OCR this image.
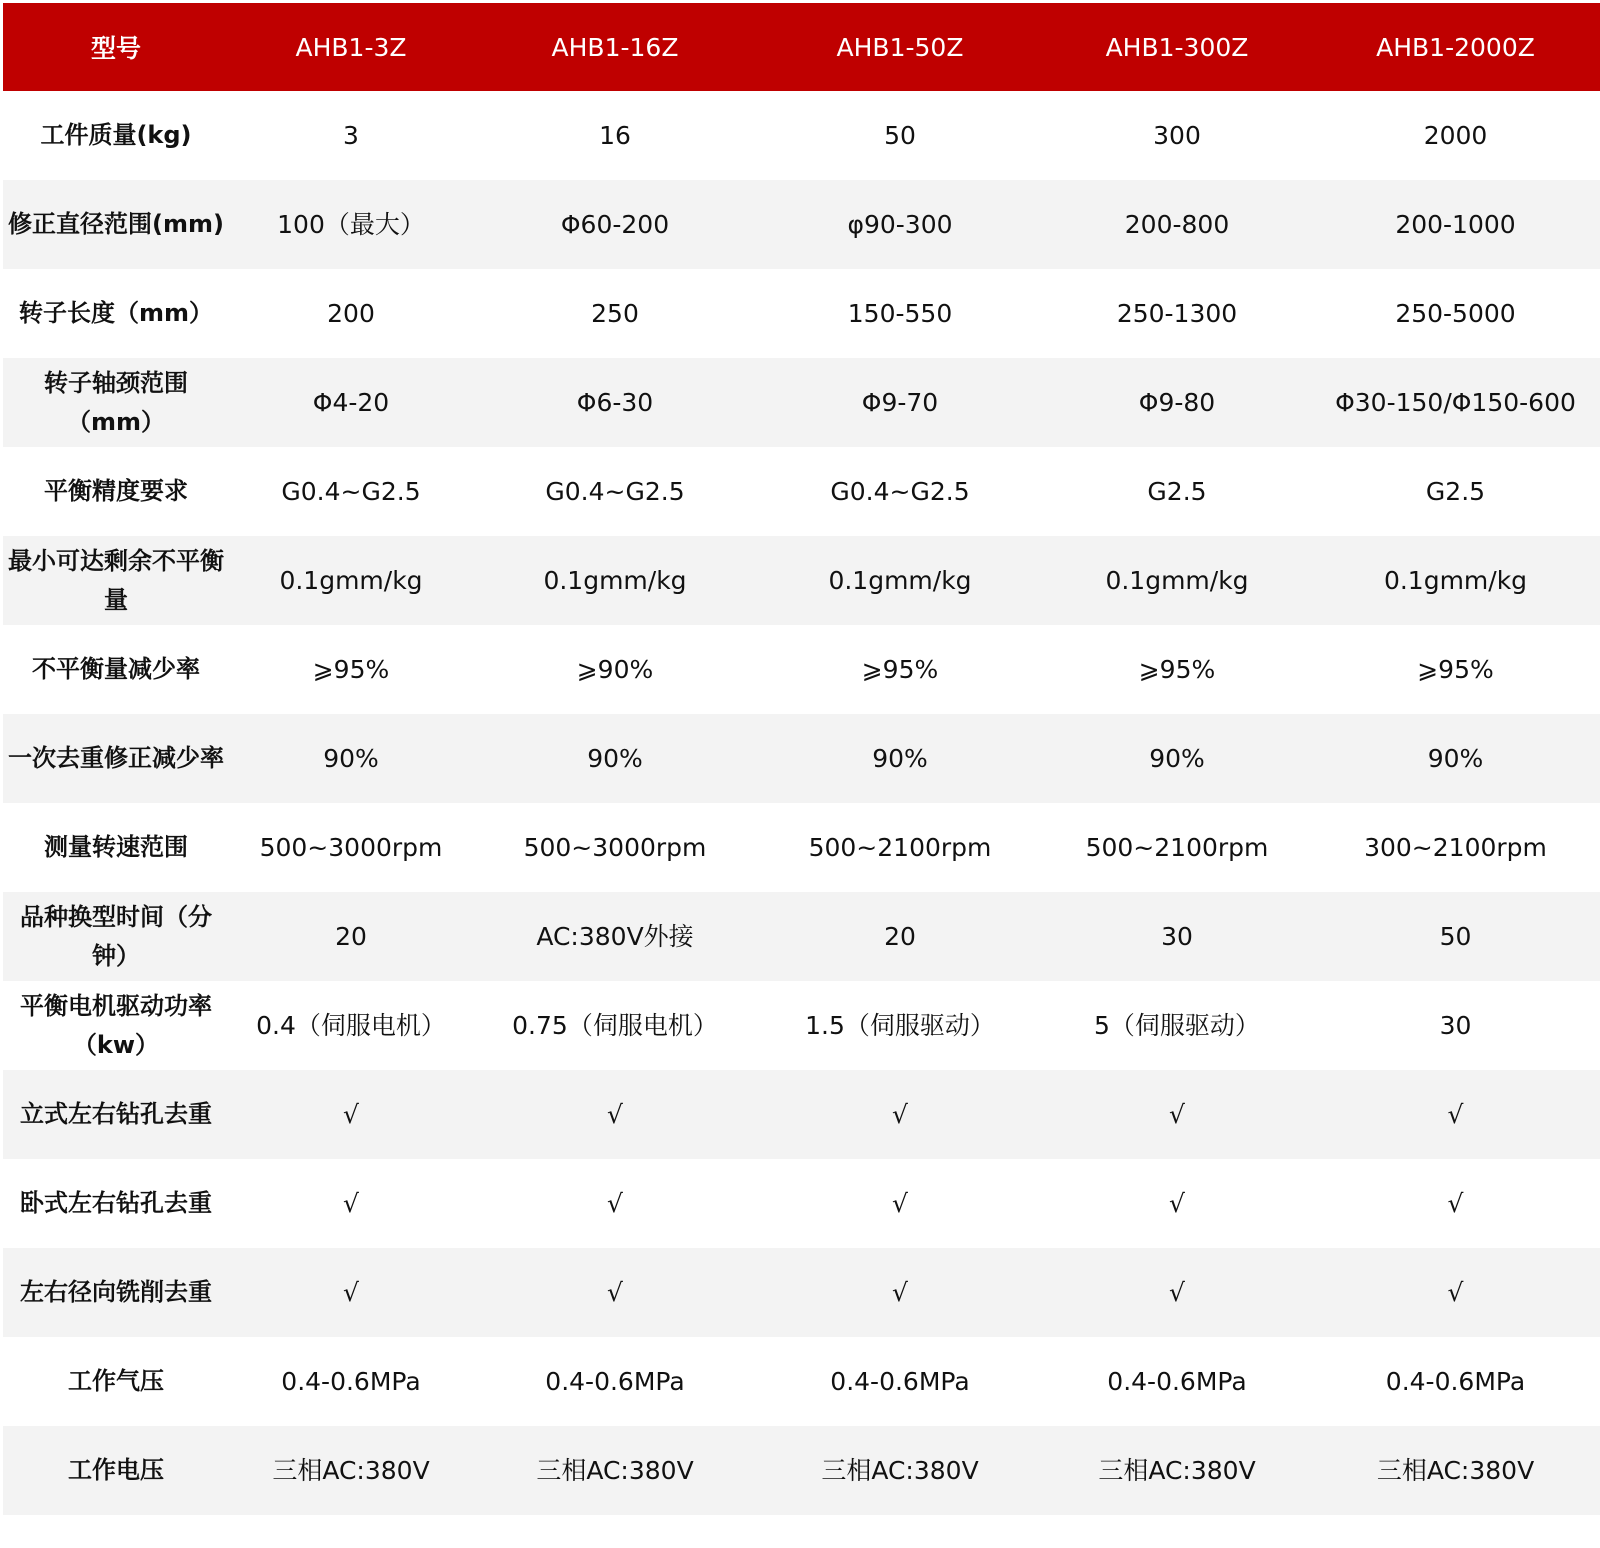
型号	AHB1-3Z	AHB1-16Z	AHB1-50Z	AHB1-300Z	AHB1-2000Z
工件质量(kg)	3	16	50	300	2000
修正直径范围(mm)	100（最大）	Φ60-200	φ90-300	200-800	200-1000
转子长度（mm）	200	250	150-550	250-1300	250-5000
转子轴颈范围（mm）	Φ4-20	Φ6-30	Φ9-70	Φ9-80	Φ30-150/Φ150-600
平衡精度要求	G0.4~G2.5	G0.4~G2.5	G0.4~G2.5	G2.5	G2.5
最小可达剩余不平衡量	0.1gmm/kg	0.1gmm/kg	0.1gmm/kg	0.1gmm/kg	0.1gmm/kg
不平衡量减少率	⩾95%	⩾90%	⩾95%	⩾95%	⩾95%
一次去重修正减少率	90%	90%	90%	90%	90%
测量转速范围	500~3000rpm	500~3000rpm	500~2100rpm	500~2100rpm	300~2100rpm
品种换型时间（分钟）	20	AC:380V外接	20	30	50
平衡电机驱动功率（kw）	0.4（伺服电机）	0.75（伺服电机）	1.5（伺服驱动）	5（伺服驱动）	30
立式左右钻孔去重	√	√	√	√	√
卧式左右钻孔去重	√	√	√	√	√
左右径向铣削去重	√	√	√	√	√
工作气压	0.4-0.6MPa	0.4-0.6MPa	0.4-0.6MPa	0.4-0.6MPa	0.4-0.6MPa
工作电压	三相AC:380V	三相AC:380V	三相AC:380V	三相AC:380V	三相AC:380V
